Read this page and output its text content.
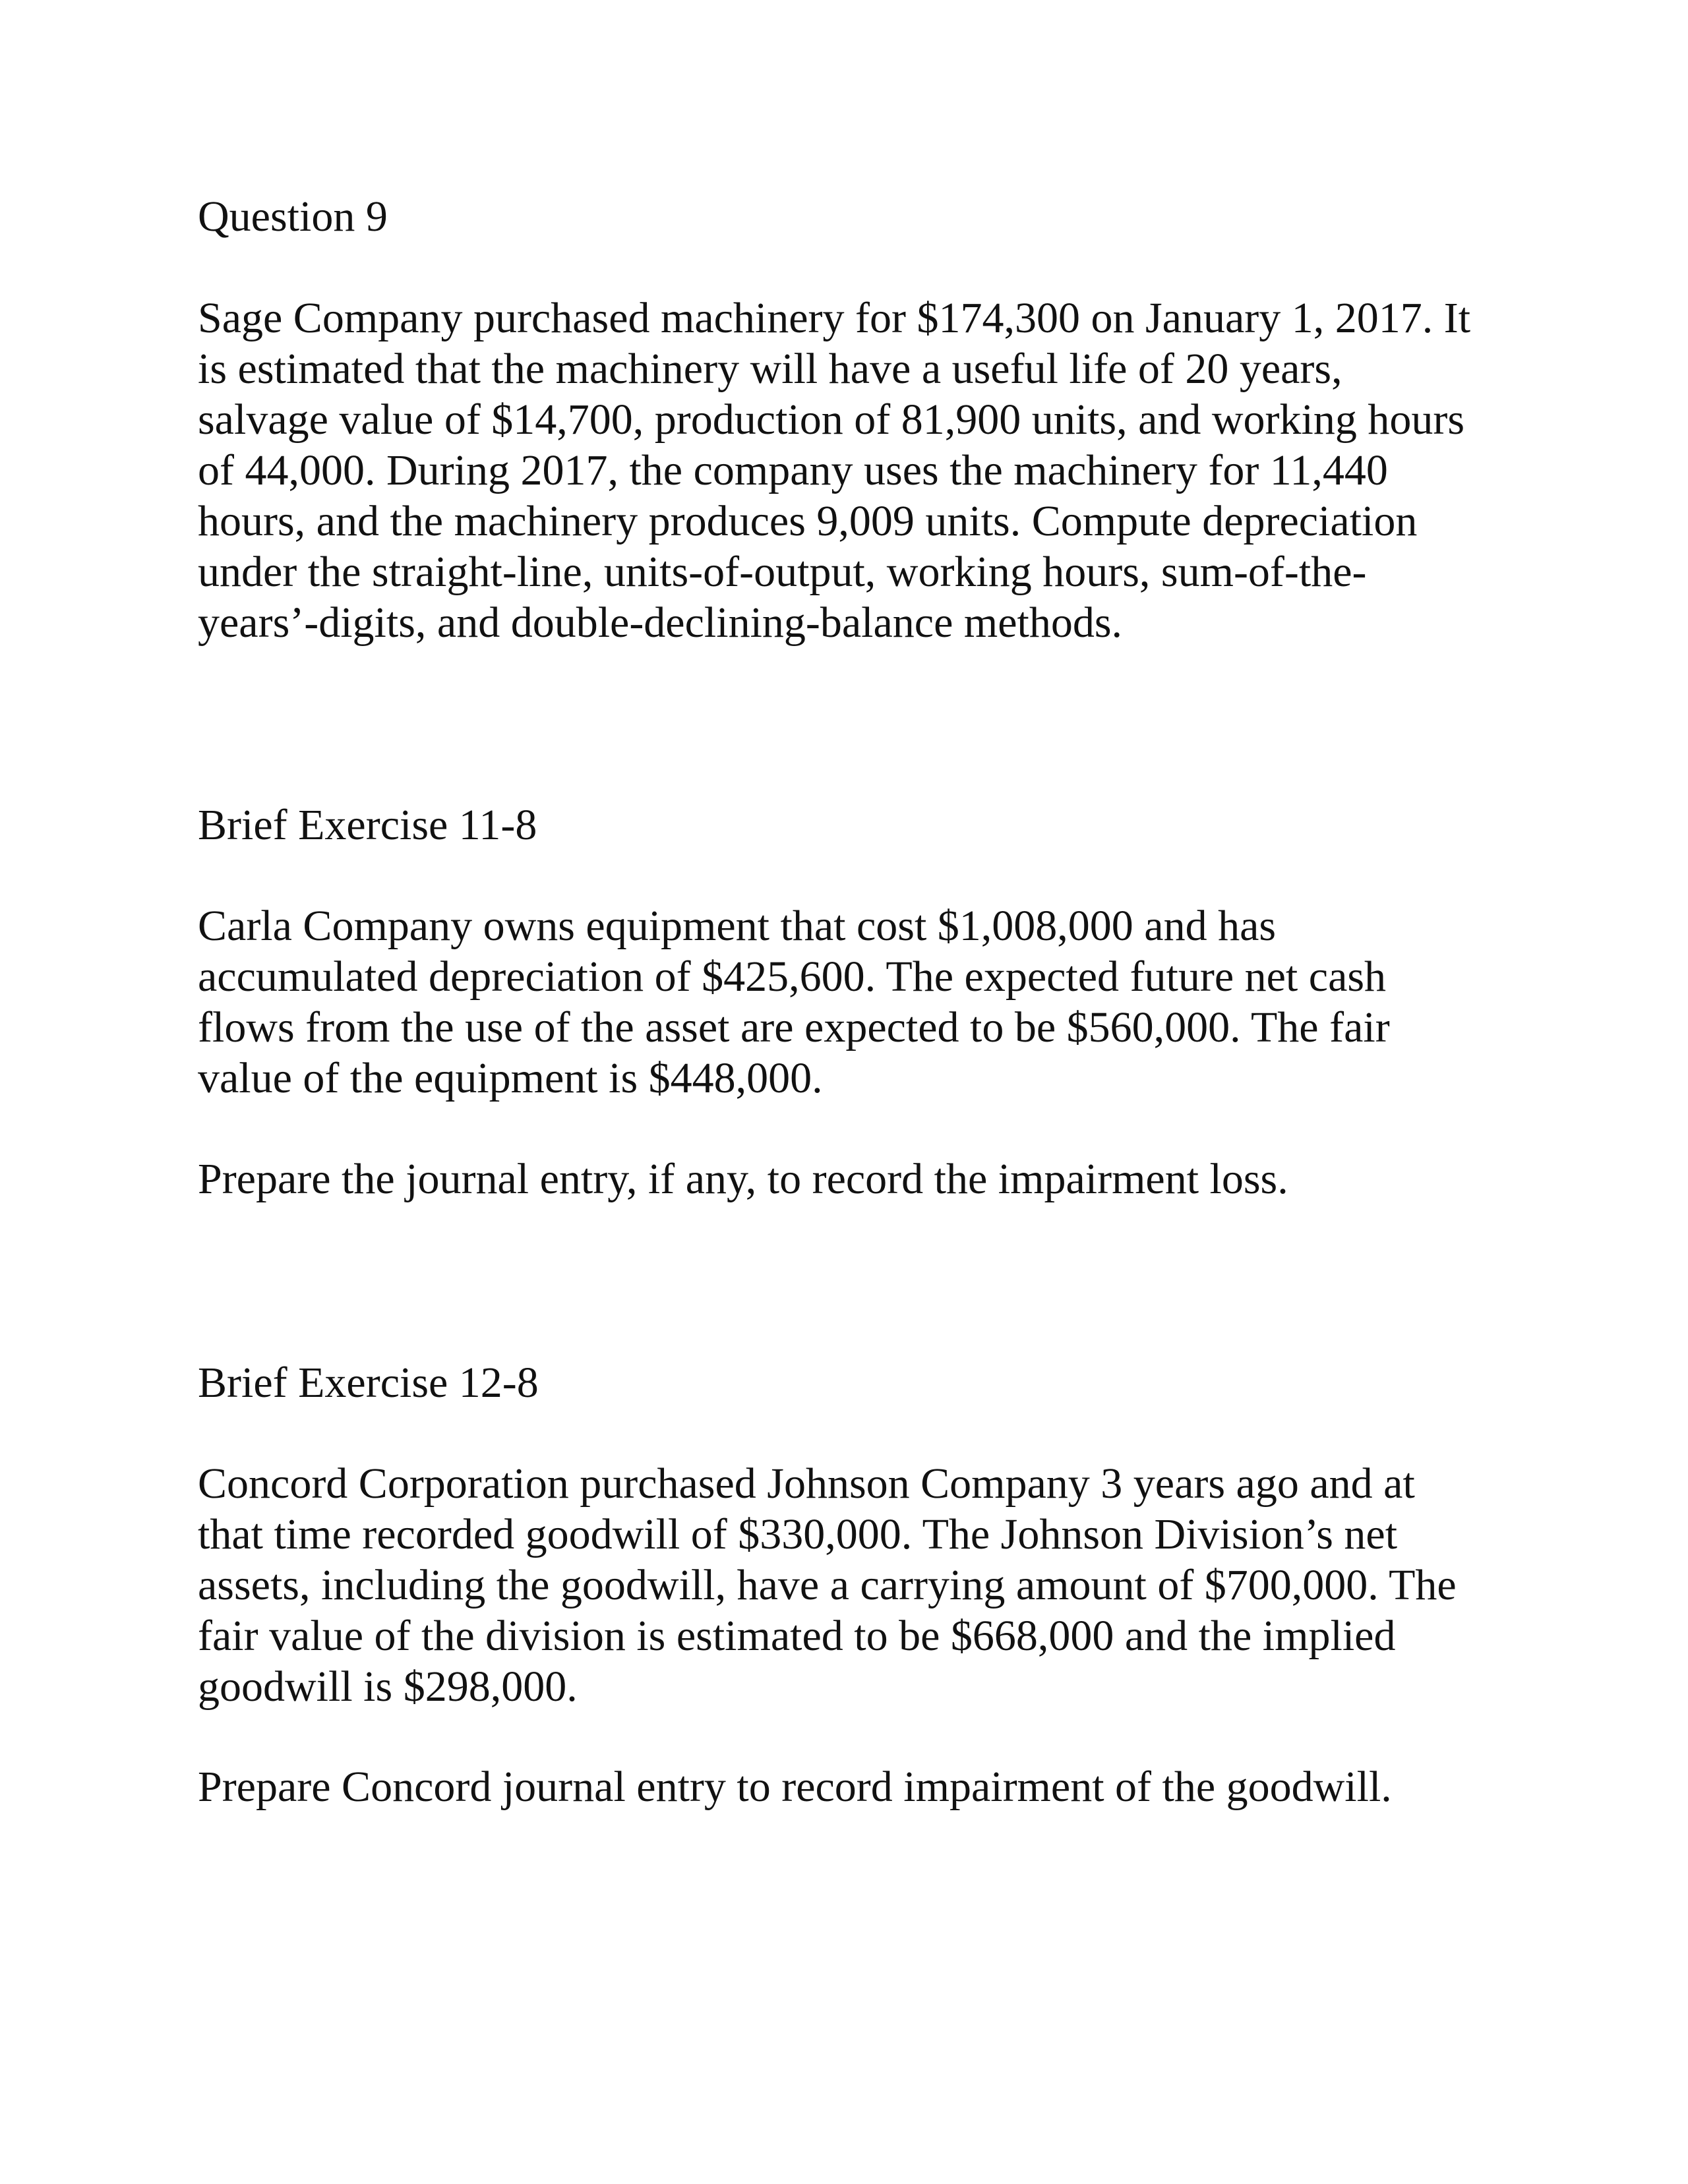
Question 9

Sage Company purchased machinery for $174,300 on January 1, 2017. It
is estimated that the machinery will have a useful life of 20 years,
salvage value of $14,700, production of 81,900 units, and working hours
of 44,000. During 2017, the company uses the machinery for 11,440
hours, and the machinery produces 9,009 units. Compute depreciation
under the straight-line, units-of-output, working hours, sum-of-the-
years’-digits, and double-declining-balance methods.

Brief Exercise 11-8

Carla Company owns equipment that cost $1,008,000 and has
accumulated depreciation of $425,600. The expected future net cash
flows from the use of the asset are expected to be $560,000. The fair
value of the equipment is $448,000.

Prepare the journal entry, if any, to record the impairment loss.

Brief Exercise 12-8

Concord Corporation purchased Johnson Company 3 years ago and at
that time recorded goodwill of $330,000. The Johnson Division’s net
assets, including the goodwill, have a carrying amount of $700,000. The
fair value of the division is estimated to be $668,000 and the implied
goodwill is $298,000.

Prepare Concord journal entry to record impairment of the goodwill.
